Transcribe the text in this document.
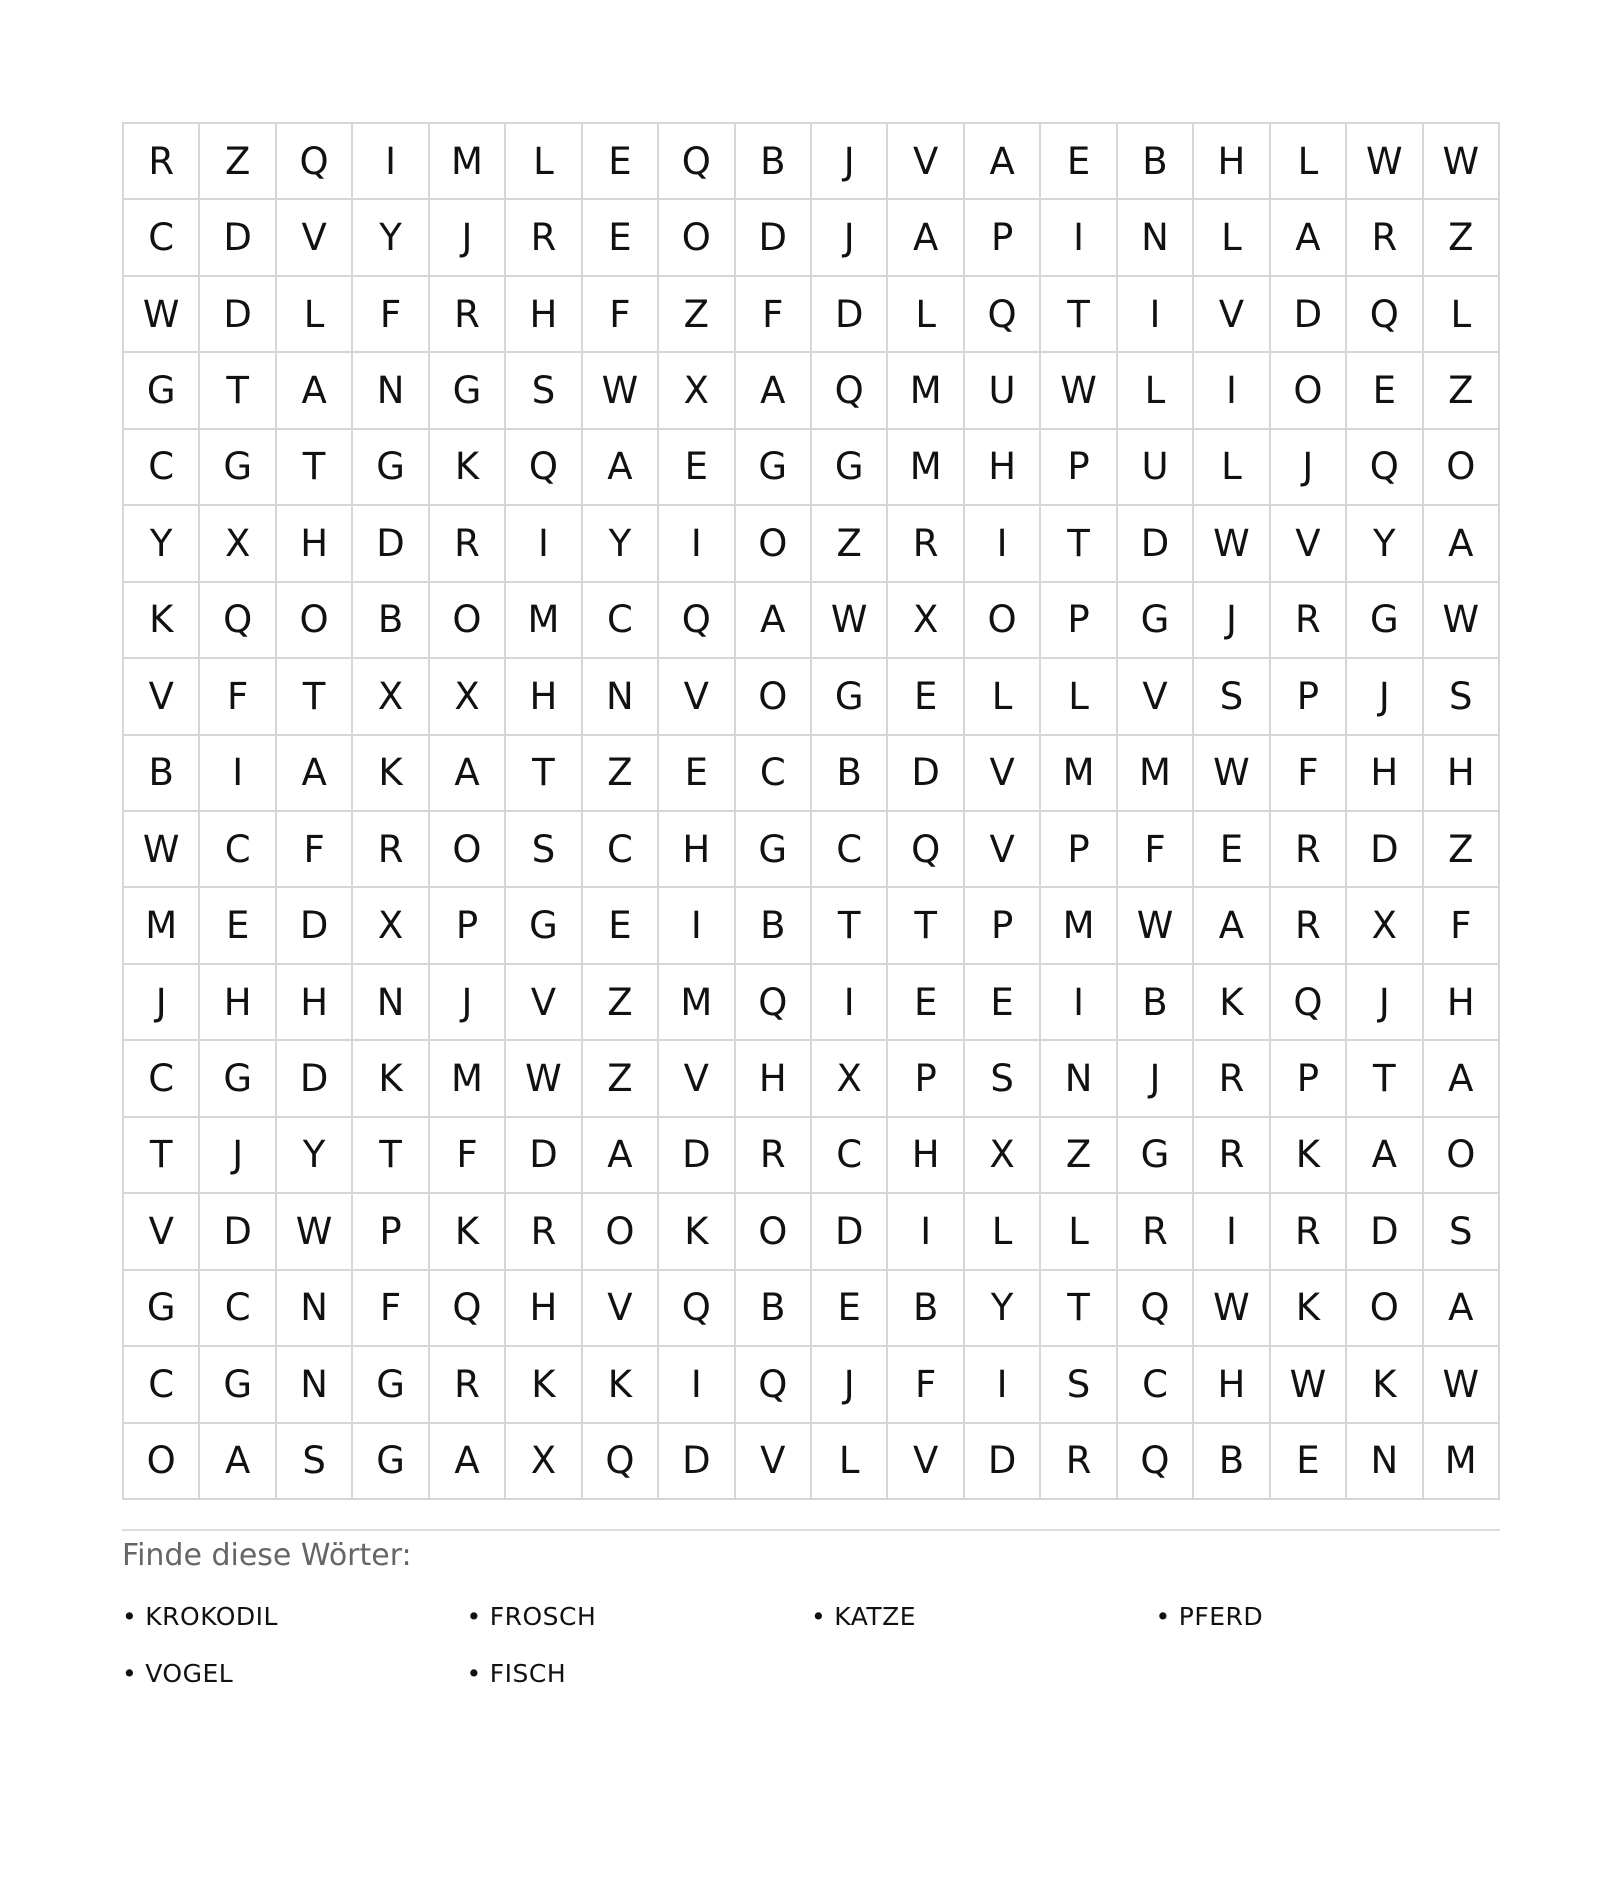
R	Z	Q	I	M	L	E	Q	B	J	V	A	E	B	H	L	W	W
C	D	V	Y	J	R	E	O	D	J	A	P	I	N	L	A	R	Z
W	D	L	F	R	H	F	Z	F	D	L	Q	T	I	V	D	Q	L
G	T	A	N	G	S	W	X	A	Q	M	U	W	L	I	O	E	Z
C	G	T	G	K	Q	A	E	G	G	M	H	P	U	L	J	Q	O
Y	X	H	D	R	I	Y	I	O	Z	R	I	T	D	W	V	Y	A
K	Q	O	B	O	M	C	Q	A	W	X	O	P	G	J	R	G	W
V	F	T	X	X	H	N	V	O	G	E	L	L	V	S	P	J	S
B	I	A	K	A	T	Z	E	C	B	D	V	M	M	W	F	H	H
W	C	F	R	O	S	C	H	G	C	Q	V	P	F	E	R	D	Z
M	E	D	X	P	G	E	I	B	T	T	P	M	W	A	R	X	F
J	H	H	N	J	V	Z	M	Q	I	E	E	I	B	K	Q	J	H
C	G	D	K	M	W	Z	V	H	X	P	S	N	J	R	P	T	A
T	J	Y	T	F	D	A	D	R	C	H	X	Z	G	R	K	A	O
V	D	W	P	K	R	O	K	O	D	I	L	L	R	I	R	D	S
G	C	N	F	Q	H	V	Q	B	E	B	Y	T	Q	W	K	O	A
C	G	N	G	R	K	K	I	Q	J	F	I	S	C	H	W	K	W
O	A	S	G	A	X	Q	D	V	L	V	D	R	Q	B	E	N	M
Finde diese Wörter:
• KROKODIL	• FROSCH	• KATZE	• PFERD
• VOGEL	• FISCH
